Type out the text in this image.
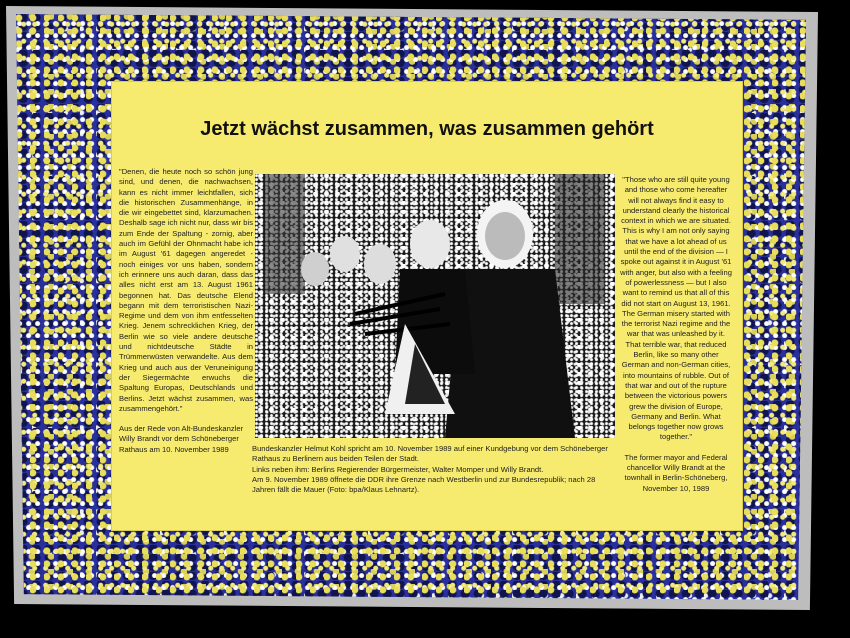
Jetzt wächst zusammen, was zusammen gehört

"Denen, die heute noch so schön jung sind, und denen, die nachwachsen, kann es nicht immer leichtfallen, sich die historischen Zusammenhänge, in die wir eingebettet sind, klarzumachen. Deshalb sage ich nicht nur, dass wir bis zum Ende der Spaltung - zornig, aber auch im Gefühl der Ohnmacht habe ich im August '61 dagegen angeredet - noch einiges vor uns haben, sondern ich erinnere uns auch daran, dass das alles nicht erst am 13. August 1961 begonnen hat. Das deutsche Elend begann mit dem terroristischen Nazi-Regime und dem von ihm entfesselten Krieg. Jenem schrecklichen Krieg, der Berlin wie so viele andere deutsche und nichtdeutsche Städte in Trümmerwüsten verwandelte. Aus dem Krieg und auch aus der Veruneinigung der Siegermächte erwuchs die Spaltung Europas, Deutschlands und Berlins. Jetzt wächst zusammen, was zusammengehört."

Aus der Rede von Alt-Bundeskanzler Willy Brandt vor dem Schöneberger Rathaus am 10. November 1989	Bundeskanzler Helmut Kohl spricht am 10. November 1989 auf einer Kundgebung vor dem Schöneberger Rathaus zu Berlinern aus beiden Teilen der Stadt.
Links neben ihm: Berlins Regierender Bürgermeister, Walter Momper und Willy Brandt.
Am 9. November 1989 öffnete die DDR ihre Grenze nach Westberlin und zur Bundesrepublik; nach 28 Jahren fällt die Mauer (Foto: bpa/Klaus Lehnartz).

"Those who are still quite young and those who come hereafter will not always find it easy to understand clearly the historical context in which we are situated. This is why I am not only saying that we have a lot ahead of us until the end of the division — I spoke out against it in August '61 with anger, but also with a feeling of powerlessness — but I also want to remind us that all of this did not start on August 13, 1961. The German misery started with the terrorist Nazi regime and the war that was unleashed by it. That terrible war, that reduced Berlin, like so many other German and non-German cities, into mountains of rubble. Out of that war and out of the rupture between the victorious powers grew the division of Europe, Germany and Berlin. What belongs together now grows together."

The former mayor and Federal chancellor Willy Brandt at the townhall in Berlin-Schöneberg, November 10, 1989
